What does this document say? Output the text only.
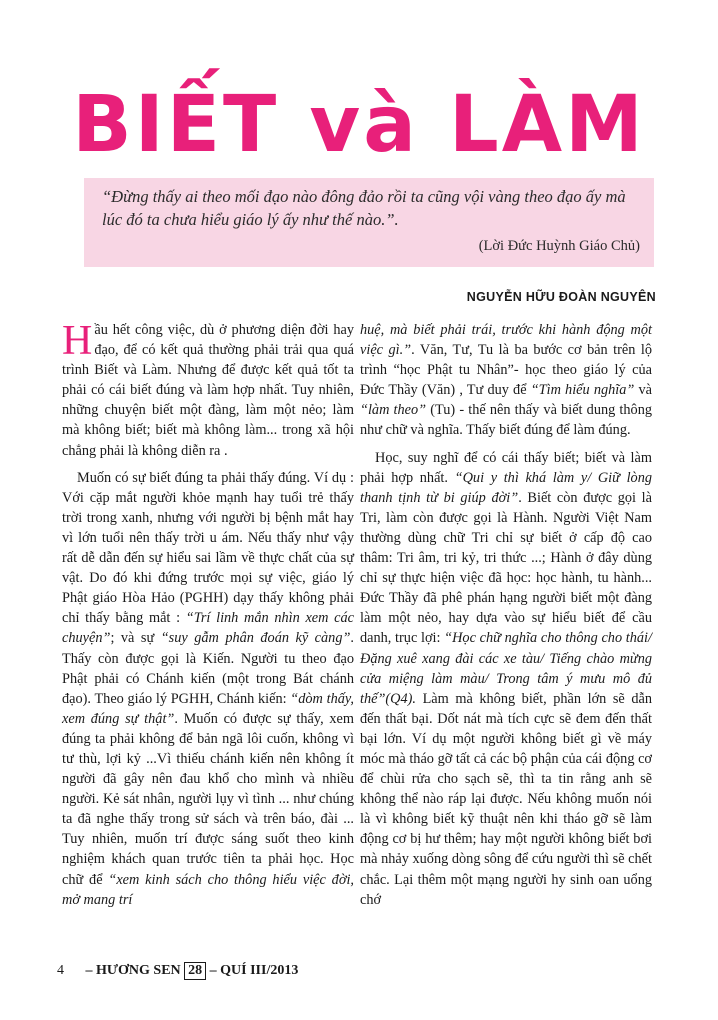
BIẾT và LÀM
“Đừng thấy ai theo mối đạo nào đông đảo rồi ta cũng vội vàng theo đạo ấy mà lúc đó ta chưa hiểu giáo lý ấy như thế nào.”.
(Lời Đức Huỳnh Giáo Chủ)
NGUYỄN HỮU ĐOÀN NGUYÊN

Hầu hết công việc, dù ở phương diện đời hay đạo, để có kết quả thường phải trải qua quá trình Biết và Làm. Nhưng để được kết quả tốt ta phải có cái biết đúng và làm hợp nhất. Tuy nhiên, những chuyện biết một đàng, làm một nẻo; làm mà không biết; biết mà không làm... trong xã hội chẳng phải là không diễn ra .

Muốn có sự biết đúng ta phải thấy đúng. Ví dụ : Với cặp mắt người khỏe mạnh hay tuổi trẻ thấy trời trong xanh, nhưng với người bị bệnh mắt hay vì lớn tuổi nên thấy trời u ám. Nếu thấy như vậy rất dễ dẫn đến sự hiểu sai lầm về thực chất của sự vật. Do đó khi đứng trước mọi sự việc, giáo lý Phật giáo Hòa Hảo (PGHH) dạy thấy không phải chỉ thấy bằng mắt : “Trí linh mắn nhìn xem các chuyện”; và sự “suy gẫm phân đoán kỹ càng”. Thấy còn được gọi là Kiến. Người tu theo đạo Phật phải có Chánh kiến (một trong Bát chánh đạo). Theo giáo lý PGHH, Chánh kiến: “dòm thấy, xem đúng sự thật”. Muốn có được sự thấy, xem đúng ta phải không để bản ngã lôi cuốn, không vì tư thù, lợi kỷ ...Vì thiếu chánh kiến nên không ít người đã gây nên đau khổ cho mình và nhiều người. Kẻ sát nhân, người lụy vì tình ... như chúng ta đã nghe thấy trong sử sách và trên báo, đài ... Tuy nhiên, muốn trí được sáng suốt theo kinh nghiệm khách quan trước tiên ta phải học. Học chữ để “xem kinh sách cho thông hiểu việc đời, mở mang trí

huệ, mà biết phải trái, trước khi hành động một việc gì.”. Văn, Tư, Tu là ba bước cơ bản trên lộ trình “học Phật tu Nhân”- học theo giáo lý của Đức Thầy (Văn) , Tư duy để “Tìm hiểu nghĩa” và “làm theo” (Tu) - thế nên thấy và biết dung thông như chữ và nghĩa. Thấy biết đúng để làm đúng.

Học, suy nghĩ để có cái thấy biết; biết và làm phải hợp nhất. “Qui y thì khá làm y/ Giữ lòng thanh tịnh từ bi giúp đời”. Biết còn được gọi là Tri, làm còn được gọi là Hành. Người Việt Nam thường dùng chữ Tri chỉ sự biết ở cấp độ cao thâm: Tri âm, tri kỷ, tri thức ...; Hành ở đây dùng chỉ sự thực hiện việc đã học: học hành, tu hành... Đức Thầy đã phê phán hạng người biết một đàng làm một nẻo, hay dựa vào sự hiểu biết để cầu danh, trục lợi: “Học chữ nghĩa cho thông cho thái/ Đặng xuê xang đài các xe tàu/ Tiếng chào mừng cửa miệng làm màu/ Trong tâm ý mưu mô đủ thế”(Q4). Làm mà không biết, phần lớn sẽ dẫn đến thất bại. Dốt nát mà tích cực sẽ đem đến thất bại lớn. Ví dụ một người không biết gì về máy móc mà tháo gỡ tất cả các bộ phận của cái động cơ để chùi rửa cho sạch sẽ, thì ta tin rằng anh sẽ không thể nào ráp lại được. Nếu không muốn nói là vì không biết kỹ thuật nên khi tháo gỡ sẽ làm động cơ bị hư thêm; hay một người không biết bơi mà nhảy xuống dòng sông để cứu người thì sẽ chết chắc. Lại thêm một mạng người hy sinh oan uổng chớ

4 – HƯƠNG SEN 28 – QUÍ III/2013
